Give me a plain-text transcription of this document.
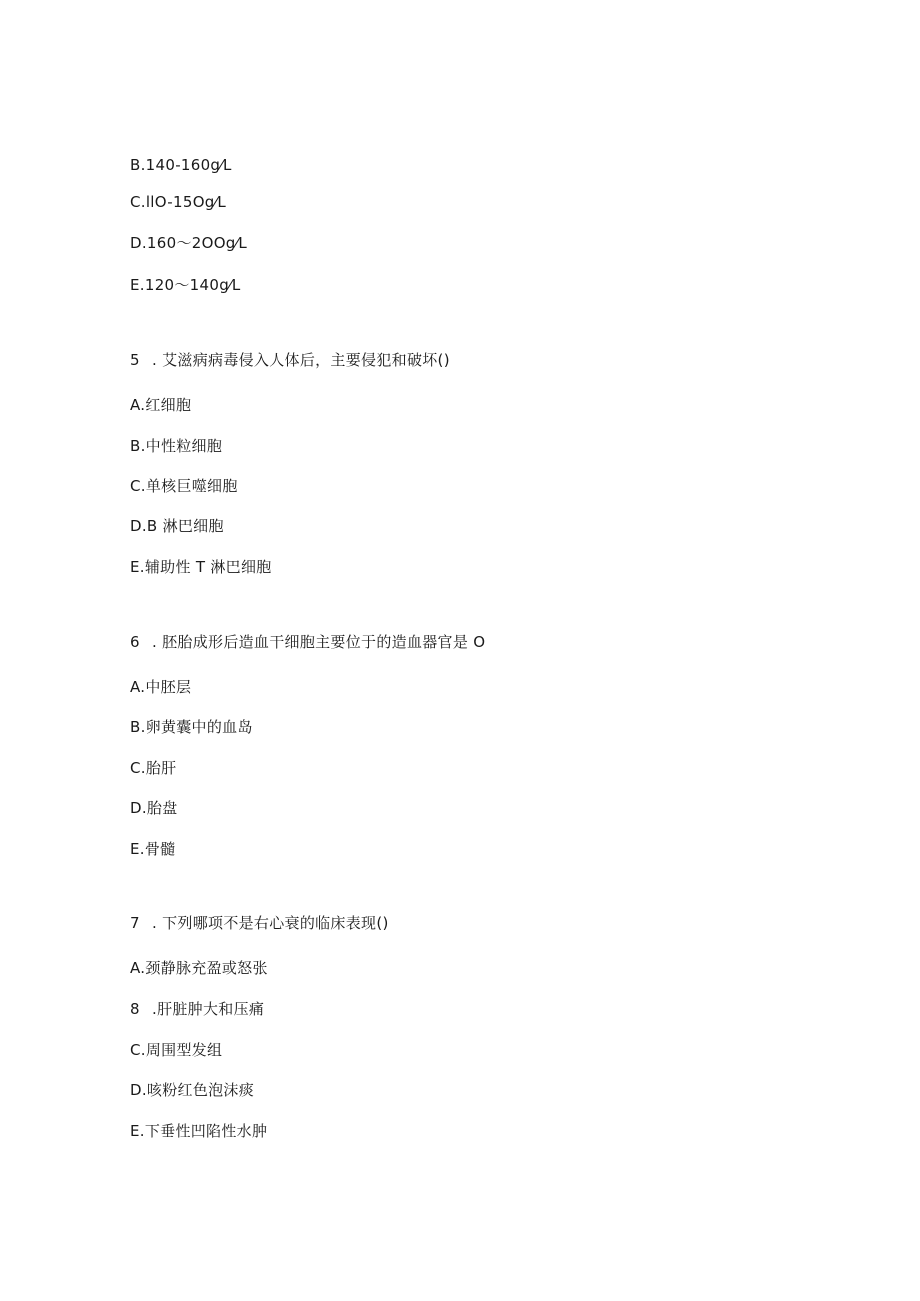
B.140-160g⁄L
C.llO-15Og⁄L
D.160～2OOg⁄L
E.120～140g⁄L
5 . 艾滋病病毒侵入人体后，主要侵犯和破坏()
A.红细胞
B.中性粒细胞
C.单核巨噬细胞
D.B 淋巴细胞
E.辅助性 T 淋巴细胞
6 . 胚胎成形后造血干细胞主要位于的造血器官是 O
A.中胚层
B.卵黄囊中的血岛
C.胎肝
D.胎盘
E.骨髓
7 . 下列哪项不是右心衰的临床表现()
A.颈静脉充盈或怒张
8 .肝脏肿大和压痛
C.周围型发组
D.咳粉红色泡沫痰
E.下垂性凹陷性水肿
